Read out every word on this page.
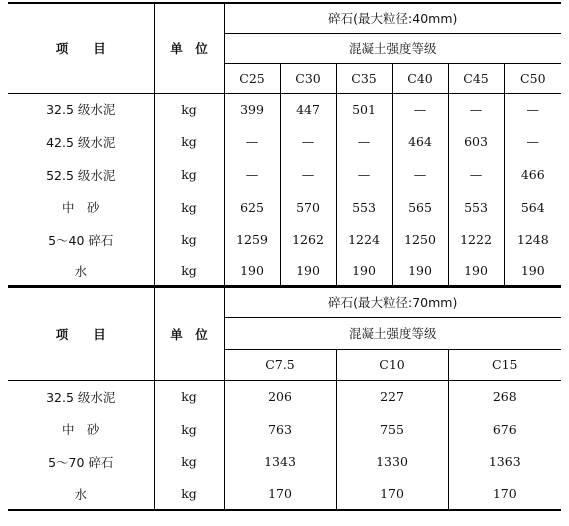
项　　目	单　位	碎石(最大粒径:40mm)					
		混凝土强度等级					
		C25	C30	C35	C40	C45	C50
32.5 级水泥	kg	399	447	501	—	—	—
42.5 级水泥	kg	—	—	—	464	603	—
52.5 级水泥	kg	—	—	—	—	—	466
中　砂	kg	625	570	553	565	553	564
5～40 碎石	kg	1259	1262	1224	1250	1222	1248
水	kg	190	190	190	190	190	190
项　　目	单　位	碎石(最大粒径:70mm)		
		混凝土强度等级		
		C7.5	C10	C15
32.5 级水泥	kg	206	227	268
中　砂	kg	763	755	676
5～70 碎石	kg	1343	1330	1363
水	kg	170	170	170
